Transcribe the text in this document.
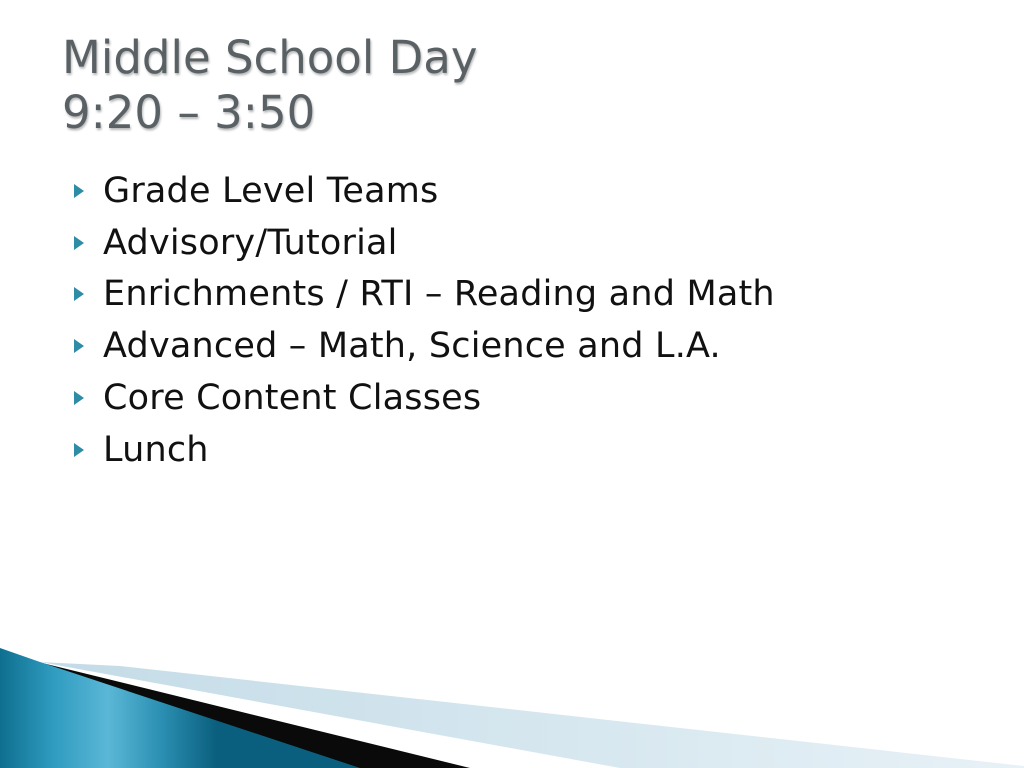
Middle School Day
9:20 – 3:50
Grade Level Teams
Advisory/Tutorial
Enrichments / RTI – Reading and Math
Advanced – Math, Science and L.A.
Core Content Classes
Lunch
